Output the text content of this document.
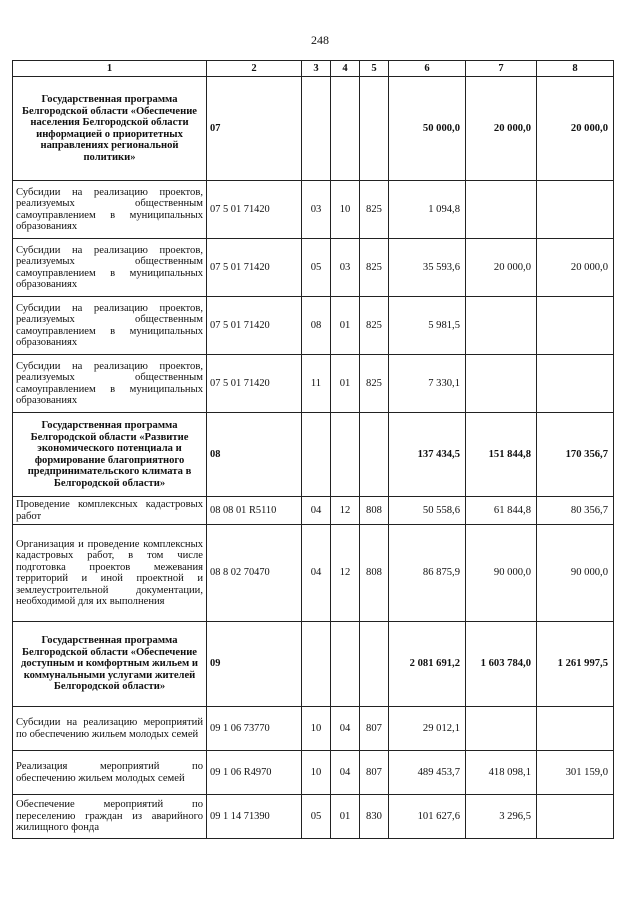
248
1	2	3	4	5	6	7	8
Государственная программа Белгородской области «Обеспечение населения Белгородской области информацией о приоритетных направлениях региональной политики»	07				50 000,0	20 000,0	20 000,0
Субсидии на реализацию проектов, реализуемых общественным самоуправлением в муниципальных образованиях	07 5 01 71420	03	10	825	1 094,8		
Субсидии на реализацию проектов, реализуемых общественным самоуправлением в муниципальных образованиях	07 5 01 71420	05	03	825	35 593,6	20 000,0	20 000,0
Субсидии на реализацию проектов, реализуемых общественным самоуправлением в муниципальных образованиях	07 5 01 71420	08	01	825	5 981,5		
Субсидии на реализацию проектов, реализуемых общественным самоуправлением в муниципальных образованиях	07 5 01 71420	11	01	825	7 330,1		
Государственная программа Белгородской области «Развитие экономического потенциала и формирование благоприятного предпринимательского климата в Белгородской области»	08				137 434,5	151 844,8	170 356,7
Проведение комплексных кадастровых работ	08 08 01 R5110	04	12	808	50 558,6	61 844,8	80 356,7
Организация и проведение комплексных кадастровых работ, в том числе подготовка проектов межевания территорий и иной проектной и землеустроительной документации, необходимой для их выполнения	08 8 02 70470	04	12	808	86 875,9	90 000,0	90 000,0
Государственная программа Белгородской области «Обеспечение доступным и комфортным жильем и коммунальными услугами жителей Белгородской области»	09				2 081 691,2	1 603 784,0	1 261 997,5
Субсидии на реализацию мероприятий по обеспечению жильем молодых семей	09 1 06 73770	10	04	807	29 012,1		
Реализация мероприятий по обеспечению жильем молодых семей	09 1 06 R4970	10	04	807	489 453,7	418 098,1	301 159,0
Обеспечение мероприятий по переселению граждан из аварийного жилищного фонда	09 1 14 71390	05	01	830	101 627,6	3 296,5	
